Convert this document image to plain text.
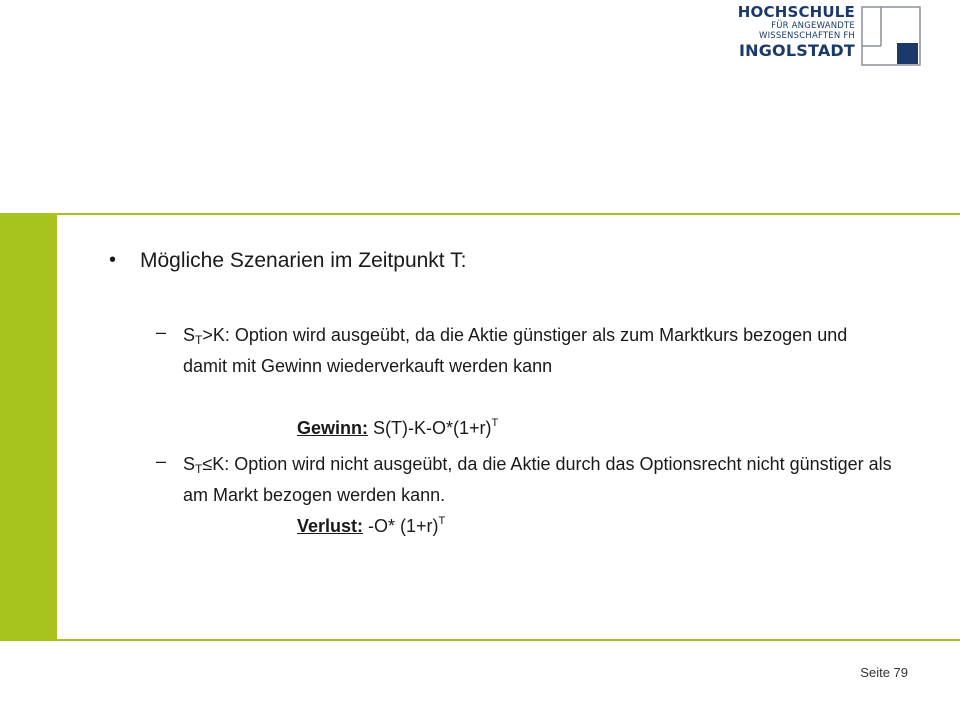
HOCHSCHULE
FÜR ANGEWANDTE
WISSENSCHAFTEN FH
INGOLSTADT
• Mögliche Szenarien im Zeitpunkt T:
– $S_T>K$: Option wird ausgeübt, da die Aktie günstiger als zum Marktkurs bezogen und damit mit Gewinn wiederverkauft werden kann
Gewinn: $S(T)-K-O*(1+r)^T$
– $S_T\le K$: Option wird nicht ausgeübt, da die Aktie durch das Optionsrecht nicht günstiger als am Markt bezogen werden kann.
Verlust: -O* $(1+r)^T$
Seite 79
